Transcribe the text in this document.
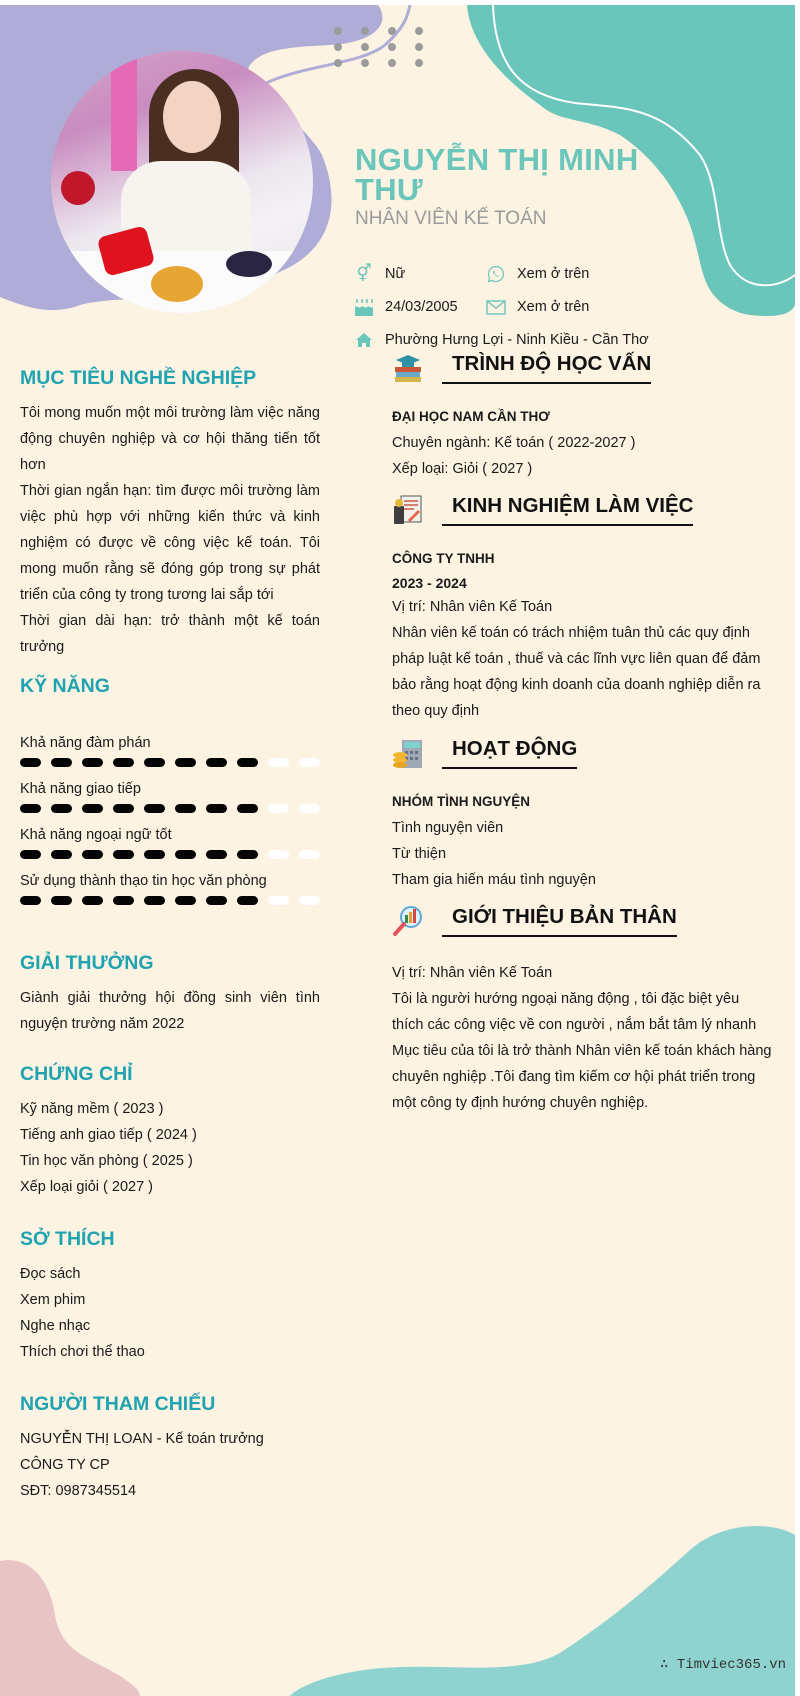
NGUYỄN THỊ MINH THƯ
NHÂN VIÊN KẾ TOÁN
⚥ Nữ	Xem ở trên
24/03/2005	Xem ở trên
Phường Hưng Lợi - Ninh Kiều - Cần Thơ
MỤC TIÊU NGHỀ NGHIỆP
Tôi mong muốn một môi trường làm việc năng động chuyên nghiệp và cơ hội thăng tiến tốt hơn
Thời gian ngắn hạn: tìm được môi trường làm việc phù hợp với những kiến thức và kinh nghiệm có được về công việc kế toán. Tôi mong muốn rằng sẽ đóng góp trong sự phát triển của công ty trong tương lai sắp tới
Thời gian dài hạn: trở thành một kế toán trưởng
KỸ NĂNG
Khả năng đàm phán
Khả năng giao tiếp
Khả năng ngoại ngữ tốt
Sử dụng thành thạo tin học văn phòng
GIẢI THƯỞNG
Giành giải thưởng hội đồng sinh viên tình nguyện trường năm 2022
CHỨNG CHỈ
Kỹ năng mềm ( 2023 )
Tiếng anh giao tiếp ( 2024 )
Tin học văn phòng ( 2025 )
Xếp loại giỏi ( 2027 )
SỞ THÍCH
Đọc sách
Xem phim
Nghe nhạc
Thích chơi thể thao
NGƯỜI THAM CHIẾU
NGUYỄN THỊ LOAN - Kế toán trưởng
CÔNG TY CP
SĐT: 0987345514
TRÌNH ĐỘ HỌC VẤN
ĐẠI HỌC NAM CẦN THƠ
Chuyên ngành: Kế toán ( 2022-2027 )
Xếp loại: Giỏi ( 2027 )
KINH NGHIỆM LÀM VIỆC
CÔNG TY TNHH
2023 - 2024
Vị trí: Nhân viên Kế Toán
Nhân viên kế toán có trách nhiệm tuân thủ các quy định pháp luật kế toán , thuế và các lĩnh vực liên quan để đảm bảo rằng hoạt động kinh doanh của doanh nghiệp diễn ra theo quy định
HOẠT ĐỘNG
NHÓM TÌNH NGUYỆN
Tình nguyện viên
Từ thiện
Tham gia hiến máu tình nguyện
GIỚI THIỆU BẢN THÂN
Vị trí: Nhân viên Kế Toán
Tôi là người hướng ngoại năng động , tôi đặc biệt yêu thích các công việc về con người , nắm bắt tâm lý nhanh Mục tiêu của tôi là trở thành Nhân viên kế toán khách hàng chuyên nghiệp .Tôi đang tìm kiếm cơ hội phát triển trong một công ty định hướng chuyên nghiệp.
∴ Timviec365.vn
